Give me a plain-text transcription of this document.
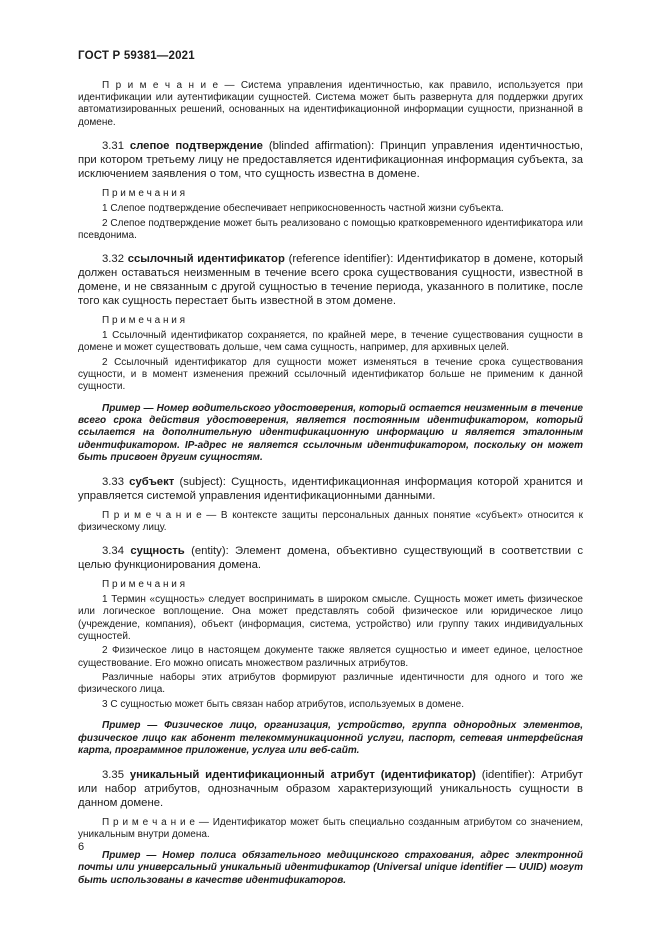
ГОСТ Р 59381—2021

П р и м е ч а н и е — Система управления идентичностью, как правило, используется при идентификации или аутентификации сущностей. Система может быть развернута для поддержки других автоматизированных решений, основанных на идентификационной информации сущности, признанной в домене.

3.31 слепое подтверждение (blinded affirmation): Принцип управления идентичностью, при котором третьему лицу не предоставляется идентификационная информация субъекта, за исключением заявления о том, что сущность известна в домене.

П р и м е ч а н и я

1 Слепое подтверждение обеспечивает неприкосновенность частной жизни субъекта.

2 Слепое подтверждение может быть реализовано с помощью кратковременного идентификатора или псевдонима.

3.32 ссылочный идентификатор (reference identifier): Идентификатор в домене, который должен оставаться неизменным в течение всего срока существования сущности, известной в домене, и не связанным с другой сущностью в течение периода, указанного в политике, после того как сущность перестает быть известной в этом домене.

П р и м е ч а н и я

1 Ссылочный идентификатор сохраняется, по крайней мере, в течение существования сущности в домене и может существовать дольше, чем сама сущность, например, для архивных целей.

2 Ссылочный идентификатор для сущности может изменяться в течение срока существования сущности, и в момент изменения прежний ссылочный идентификатор больше не применим к данной сущности.

Пример — Номер водительского удостоверения, который остается неизменным в течение всего срока действия удостоверения, является постоянным идентификатором, который ссылается на дополнительную идентификационную информацию и является эталонным идентификатором. IP-адрес не является ссылочным идентификатором, поскольку он может быть присвоен другим сущностям.

3.33 субъект (subject): Сущность, идентификационная информация которой хранится и управляется системой управления идентификационными данными.

П р и м е ч а н и е — В контексте защиты персональных данных понятие «субъект» относится к физическому лицу.

3.34 сущность (entity): Элемент домена, объективно существующий в соответствии с целью функционирования домена.

П р и м е ч а н и я

1 Термин «сущность» следует воспринимать в широком смысле. Сущность может иметь физическое или логическое воплощение. Она может представлять собой физическое или юридическое лицо (учреждение, компания), объект (информация, система, устройство) или группу таких индивидуальных сущностей.

2 Физическое лицо в настоящем документе также является сущностью и имеет единое, целостное существование. Его можно описать множеством различных атрибутов.

Различные наборы этих атрибутов формируют различные идентичности для одного и того же физического лица.

3 С сущностью может быть связан набор атрибутов, используемых в домене.

Пример — Физическое лицо, организация, устройство, группа однородных элементов, физическое лицо как абонент телекоммуникационной услуги, паспорт, сетевая интерфейсная карта, программное приложение, услуга или веб-сайт.

3.35 уникальный идентификационный атрибут (идентификатор) (identifier): Атрибут или набор атрибутов, однозначным образом характеризующий уникальность сущности в данном домене.

П р и м е ч а н и е — Идентификатор может быть специально созданным атрибутом со значением, уникальным внутри домена.

Пример — Номер полиса обязательного медицинского страхования, адрес электронной почты или универсальный уникальный идентификатор (Universal unique identifier — UUID) могут быть использованы в качестве идентификаторов.

6
